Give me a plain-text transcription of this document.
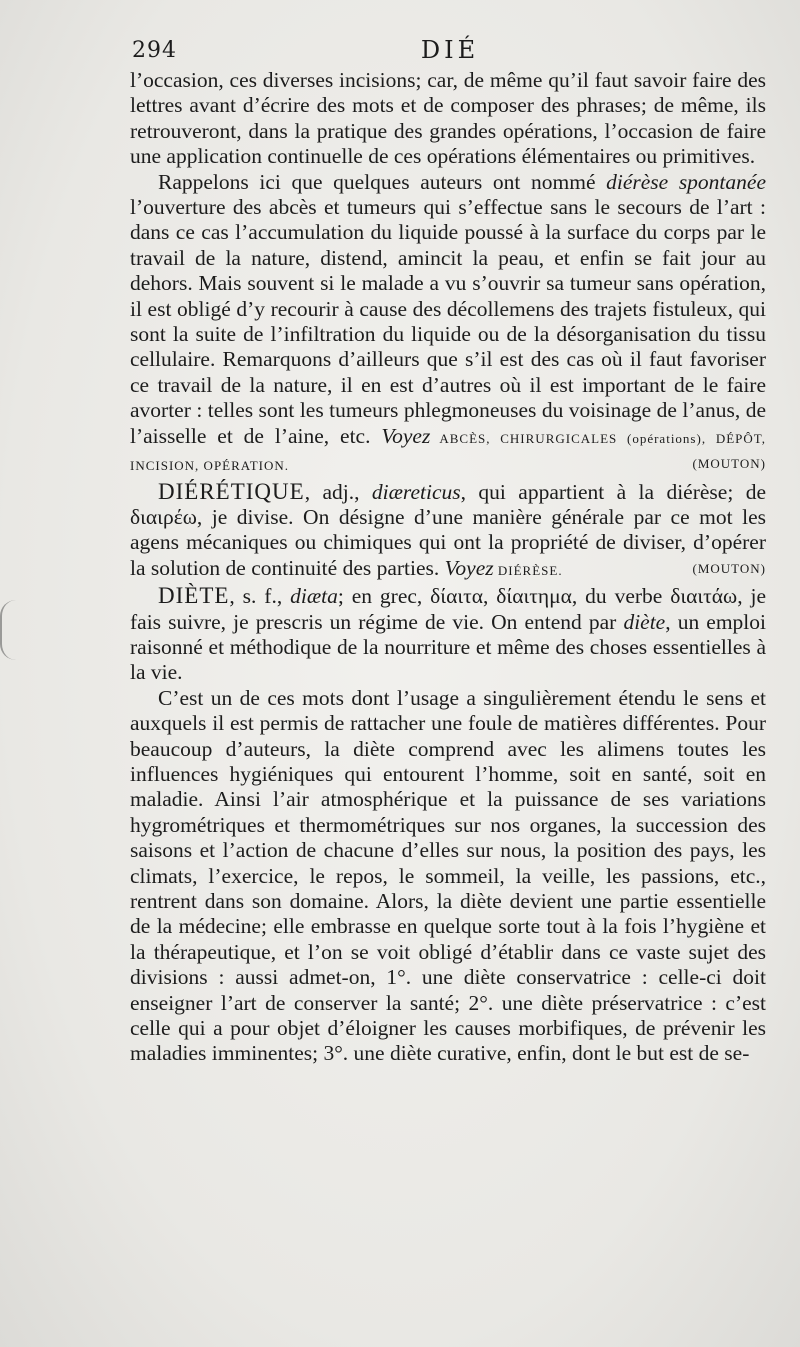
294	DIÉ

l’occasion, ces diverses incisions; car, de même qu’il faut savoir faire des lettres avant d’écrire des mots et de composer des phrases; de même, ils retrouveront, dans la pratique des grandes opérations, l’occasion de faire une application continuelle de ces opérations élémentaires ou primitives.

Rappelons ici que quelques auteurs ont nommé diérèse spontanée l’ouverture des abcès et tumeurs qui s’effectue sans le secours de l’art : dans ce cas l’accumulation du liquide poussé à la surface du corps par le travail de la nature, distend, amincit la peau, et enfin se fait jour au dehors. Mais souvent si le malade a vu s’ouvrir sa tumeur sans opération, il est obligé d’y recourir à cause des décollemens des trajets fistuleux, qui sont la suite de l’infiltration du liquide ou de la désorganisation du tissu cellulaire. Remarquons d’ailleurs que s’il est des cas où il faut favoriser ce travail de la nature, il en est d’autres où il est important de le faire avorter : telles sont les tumeurs phlegmoneuses du voisinage de l’anus, de l’aisselle et de l’aine, etc. Voyez ABCÈS, CHIRURGICALES (opérations), DÉPÔT, INCISION, OPÉRATION.	(MOUTON)

DIÉRÉTIQUE, adj., diæreticus, qui appartient à la diérèse; de διαιρέω, je divise. On désigne d’une manière générale par ce mot les agens mécaniques ou chimiques qui ont la propriété de diviser, d’opérer la solution de continuité des parties. Voyez DIÉRÈSE.	(MOUTON)

DIÈTE, s. f., diæta; en grec, δίαιτα, δίαιτημα, du verbe διαιτάω, je fais suivre, je prescris un régime de vie. On entend par diète, un emploi raisonné et méthodique de la nourriture et même des choses essentielles à la vie.

C’est un de ces mots dont l’usage a singulièrement étendu le sens et auxquels il est permis de rattacher une foule de matières différentes. Pour beaucoup d’auteurs, la diète comprend avec les alimens toutes les influences hygiéniques qui entourent l’homme, soit en santé, soit en maladie. Ainsi l’air atmosphérique et la puissance de ses variations hygrométriques et thermométriques sur nos organes, la succession des saisons et l’action de chacune d’elles sur nous, la position des pays, les climats, l’exercice, le repos, le sommeil, la veille, les passions, etc., rentrent dans son domaine. Alors, la diète devient une partie essentielle de la médecine; elle embrasse en quelque sorte tout à la fois l’hygiène et la thérapeutique, et l’on se voit obligé d’établir dans ce vaste sujet des divisions : aussi admet-on, 1°. une diète conservatrice : celle-ci doit enseigner l’art de conserver la santé; 2°. une diète préservatrice : c’est celle qui a pour objet d’éloigner les causes morbifiques, de prévenir les maladies imminentes; 3°. une diète curative, enfin, dont le but est de se-
